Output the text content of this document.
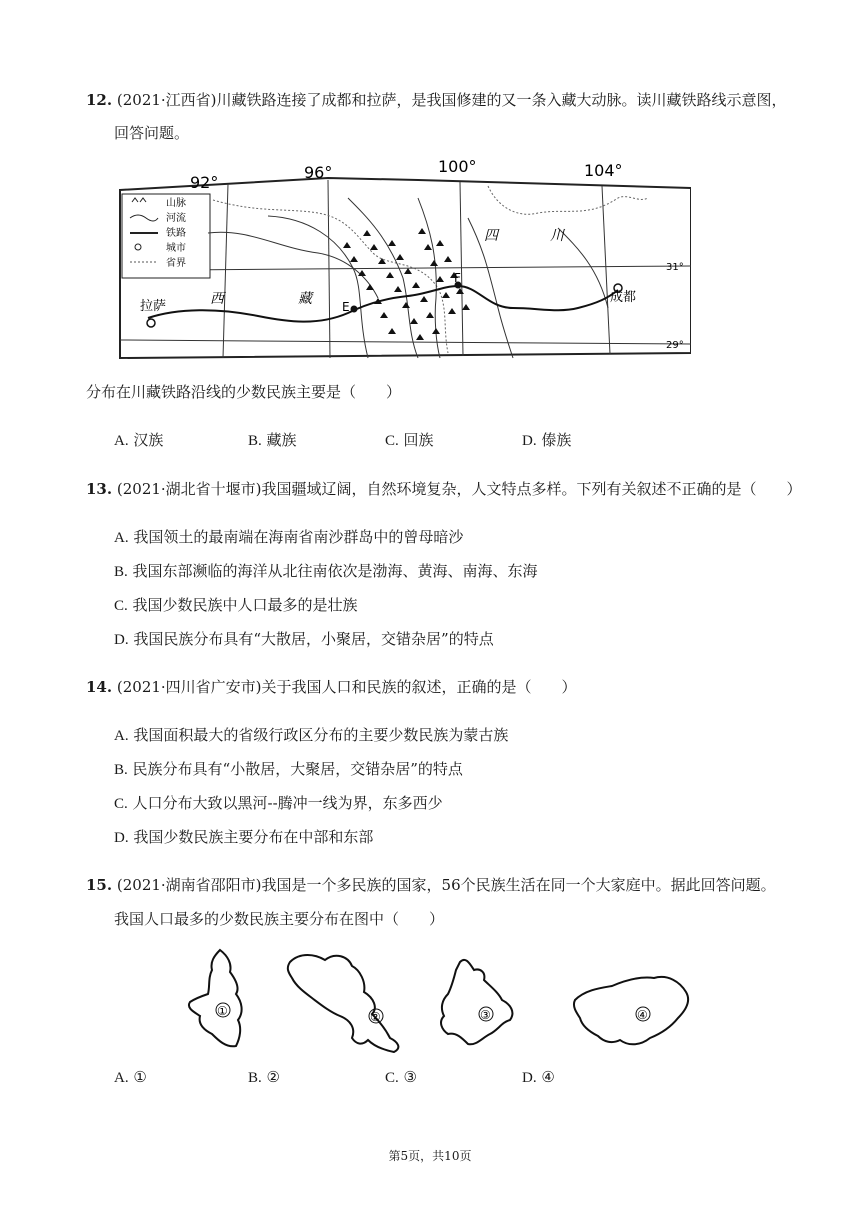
12. (2021·江西省)川藏铁路连接了成都和拉萨，是我国修建的又一条入藏大动脉。读川藏铁路线示意图，
回答问题。
92°
96°	100°	104°
31°
29°
山脉
河流
铁路
城市
省界
E
F
拉萨
成都
四	川
西	藏
分布在川藏铁路沿线的少数民族主要是（　　）
A. 汉族	B. 藏族	C. 回族	D. 傣族
13. (2021·湖北省十堰市)我国疆域辽阔，自然环境复杂，人文特点多样。下列有关叙述不正确的是（　　）
A. 我国领土的最南端在海南省南沙群岛中的曾母暗沙
B. 我国东部濒临的海洋从北往南依次是渤海、黄海、南海、东海
C. 我国少数民族中人口最多的是壮族
D. 我国民族分布具有“大散居，小聚居，交错杂居”的特点
14. (2021·四川省广安市)关于我国人口和民族的叙述，正确的是（　　）
A. 我国面积最大的省级行政区分布的主要少数民族为蒙古族
B. 民族分布具有“小散居，大聚居，交错杂居”的特点
C. 人口分布大致以黑河--腾冲一线为界，东多西少
D. 我国少数民族主要分布在中部和东部
15. (2021·湖南省邵阳市)我国是一个多民族的国家，56个民族生活在同一个大家庭中。据此回答问题。
我国人口最多的少数民族主要分布在图中（　　）
①	②	③	④
A. ①	B. ②	C. ③	D. ④
第5页，共10页
